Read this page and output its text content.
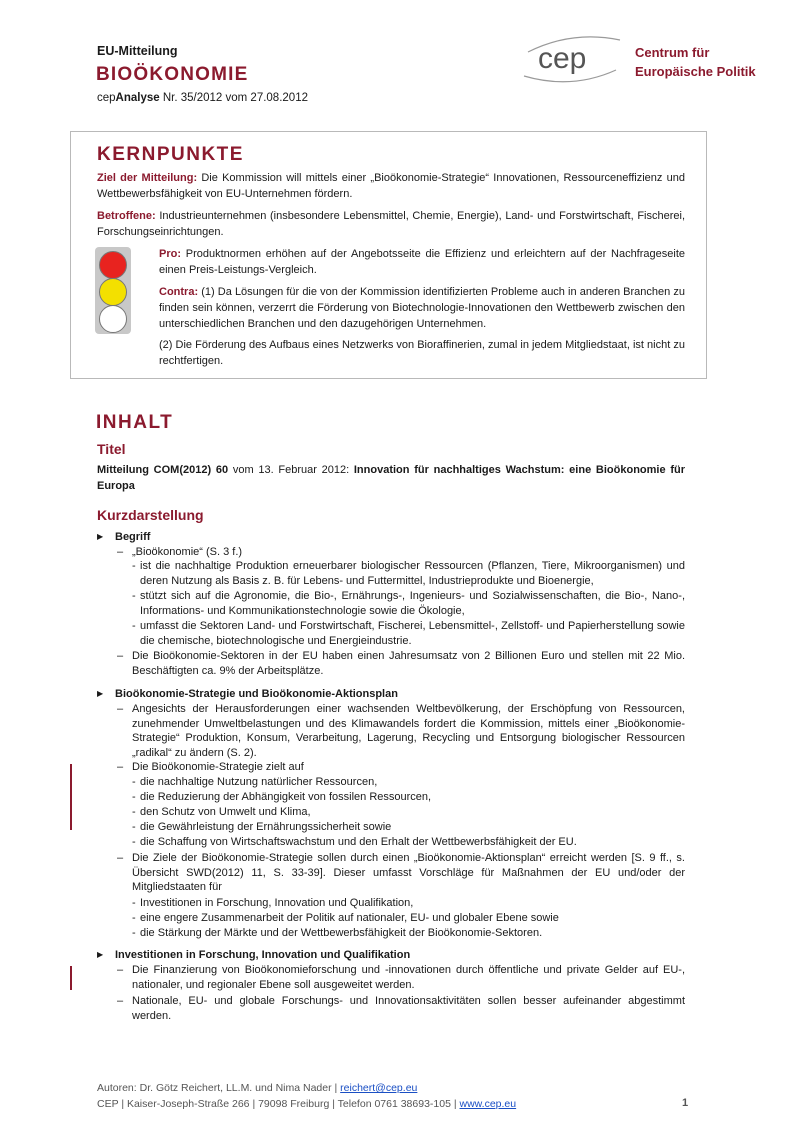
EU-Mitteilung
BIOÖKONOMIE
cepAnalyse Nr. 35/2012 vom 27.08.2012
cep	Centrum für
Europäische Politik
KERNPUNKTE
Ziel der Mitteilung: Die Kommission will mittels einer „Bioökonomie-Strategie“ Innovationen, Ressourceneffizienz und Wettbewerbsfähigkeit von EU-Unternehmen fördern.
Betroffene: Industrieunternehmen (insbesondere Lebensmittel, Chemie, Energie), Land- und Forstwirtschaft, Fischerei, Forschungseinrichtungen.
Pro: Produktnormen erhöhen auf der Angebotsseite die Effizienz und erleichtern auf der Nachfrageseite einen Preis-Leistungs-Vergleich.
Contra: (1) Da Lösungen für die von der Kommission identifizierten Probleme auch in anderen Branchen zu finden sein können, verzerrt die Förderung von Biotechnologie-Innovationen den Wettbewerb zwischen den unterschiedlichen Branchen und den dazugehörigen Unternehmen.
(2) Die Förderung des Aufbaus eines Netzwerks von Bioraffinerien, zumal in jedem Mitgliedstaat, ist nicht zu rechtfertigen.
INHALT
Titel
Mitteilung COM(2012) 60 vom 13. Februar 2012: Innovation für nachhaltiges Wachstum: eine Bioökonomie für Europa
Kurzdarstellung
▶ Begriff
– „Bioökonomie“ (S. 3 f.)
- ist die nachhaltige Produktion erneuerbarer biologischer Ressourcen (Pflanzen, Tiere, Mikroorganismen) und deren Nutzung als Basis z. B. für Lebens- und Futtermittel, Industrieprodukte und Bioenergie,
- stützt sich auf die Agronomie, die Bio-, Ernährungs-, Ingenieurs- und Sozialwissenschaften, die Bio-, Nano-, Informations- und Kommunikationstechnologie sowie die Ökologie,
- umfasst die Sektoren Land- und Forstwirtschaft, Fischerei, Lebensmittel-, Zellstoff- und Papierherstellung sowie die chemische, biotechnologische und Energieindustrie.
– Die Bioökonomie-Sektoren in der EU haben einen Jahresumsatz von 2 Billionen Euro und stellen mit 22 Mio. Beschäftigten ca. 9% der Arbeitsplätze.
▶ Bioökonomie-Strategie und Bioökonomie-Aktionsplan
– Angesichts der Herausforderungen einer wachsenden Weltbevölkerung, der Erschöpfung von Ressourcen, zunehmender Umweltbelastungen und des Klimawandels fordert die Kommission, mittels einer „Bioökonomie-Strategie“ Produktion, Konsum, Verarbeitung, Lagerung, Recycling und Entsorgung biologischer Ressourcen „radikal“ zu ändern (S. 2).
– Die Bioökonomie-Strategie zielt auf
- die nachhaltige Nutzung natürlicher Ressourcen,
- die Reduzierung der Abhängigkeit von fossilen Ressourcen,
- den Schutz von Umwelt und Klima,
- die Gewährleistung der Ernährungssicherheit sowie
- die Schaffung von Wirtschaftswachstum und den Erhalt der Wettbewerbsfähigkeit der EU.
– Die Ziele der Bioökonomie-Strategie sollen durch einen „Bioökonomie-Aktionsplan“ erreicht werden [S. 9 ff., s. Übersicht SWD(2012) 11, S. 33-39]. Dieser umfasst Vorschläge für Maßnahmen der EU und/oder der Mitgliedstaaten für
- Investitionen in Forschung, Innovation und Qualifikation,
- eine engere Zusammenarbeit der Politik auf nationaler, EU- und globaler Ebene sowie
- die Stärkung der Märkte und der Wettbewerbsfähigkeit der Bioökonomie-Sektoren.
▶ Investitionen in Forschung, Innovation und Qualifikation
– Die Finanzierung von Bioökonomieforschung und -innovationen durch öffentliche und private Gelder auf EU-, nationaler, und regionaler Ebene soll ausgeweitet werden.
– Nationale, EU- und globale Forschungs- und Innovationsaktivitäten sollen besser aufeinander abgestimmt werden.
Autoren: Dr. Götz Reichert, LL.M. und Nima Nader | reichert@cep.eu
CEP | Kaiser-Joseph-Straße 266 | 79098 Freiburg | Telefon 0761 38693-105 | www.cep.eu	1
